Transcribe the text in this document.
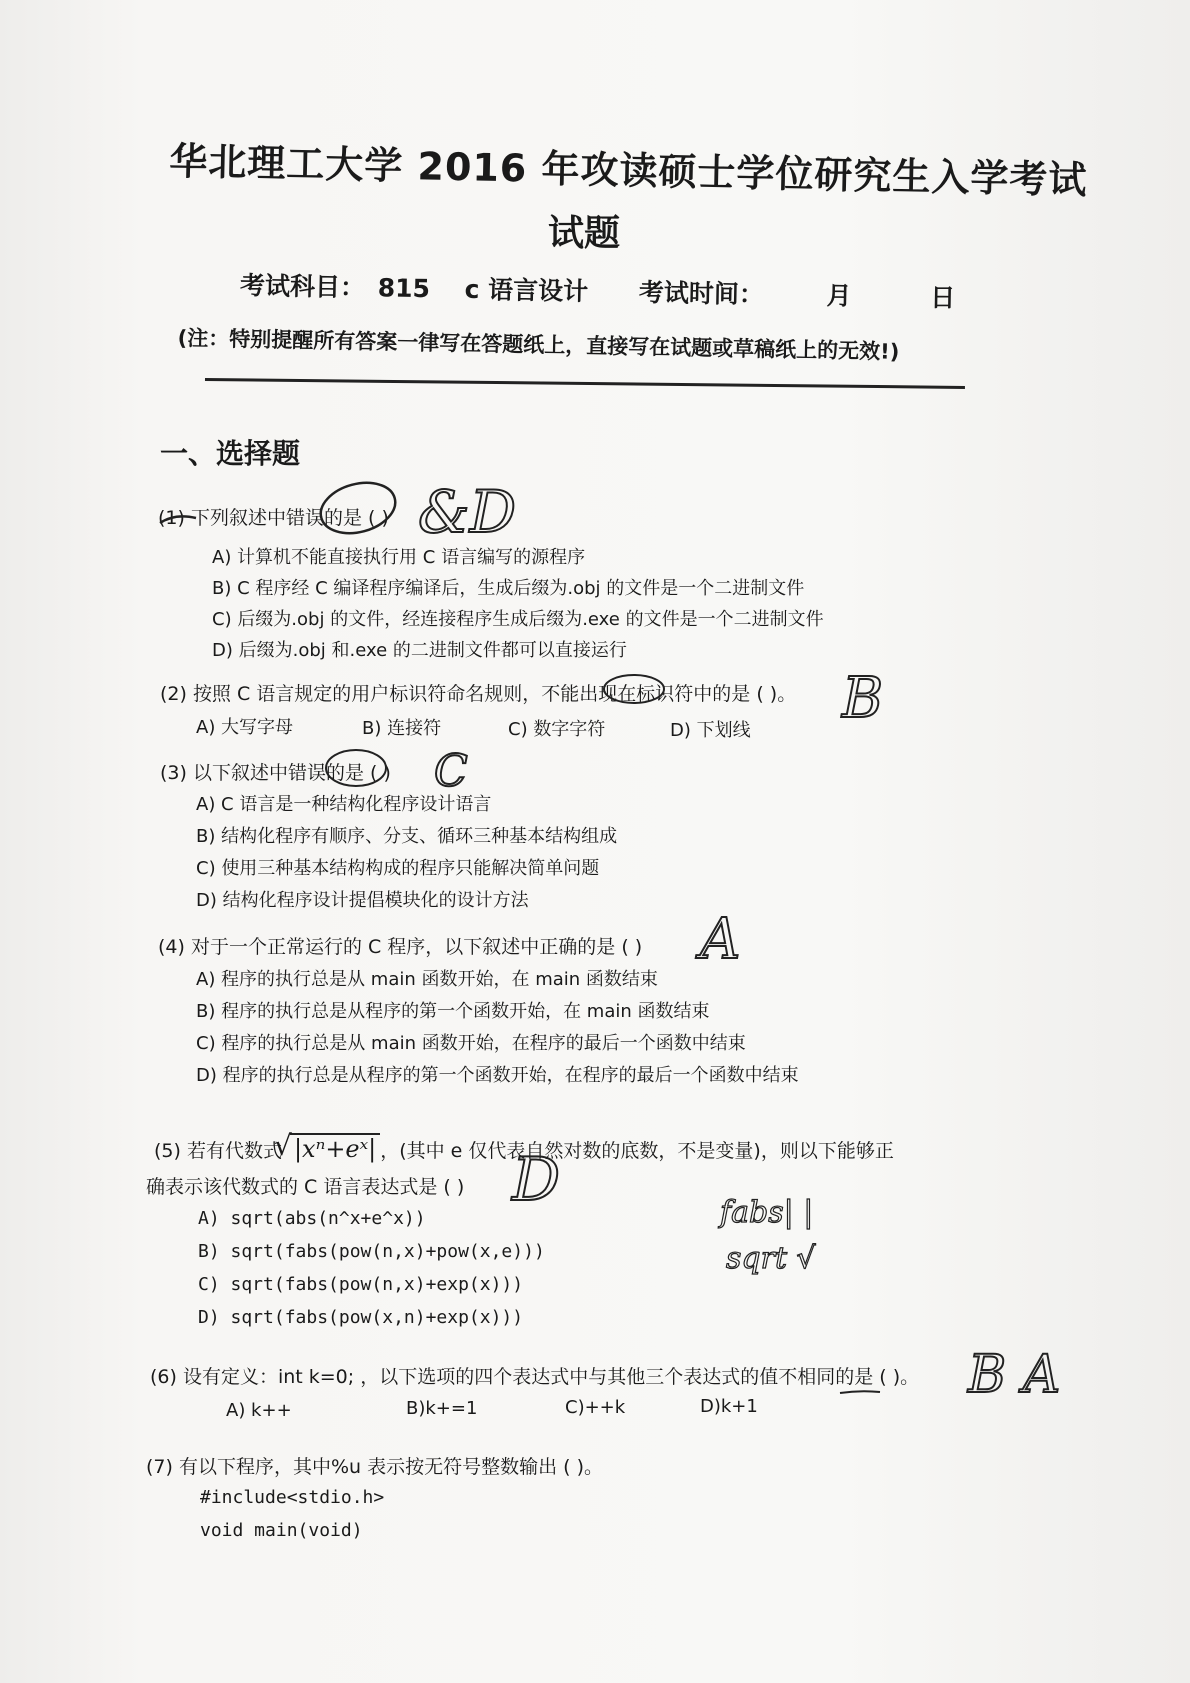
华北理工大学 2016 年攻读硕士学位研究生入学考试
试题
考试科目： 815 c 语言设计 考试时间： 月	日
(注：特别提醒所有答案一律写在答题纸上，直接写在试题或草稿纸上的无效!)
一、选择题
(1) 下列叙述中错误的是 ( )
A) 计算机不能直接执行用 C 语言编写的源程序
B) C 程序经 C 编译程序编译后，生成后缀为.obj 的文件是一个二进制文件
C) 后缀为.obj 的文件，经连接程序生成后缀为.exe 的文件是一个二进制文件
D) 后缀为.obj 和.exe 的二进制文件都可以直接运行
(2) 按照 C 语言规定的用户标识符命名规则，不能出现在标识符中的是 ( )。
A) 大写字母	B) 连接符	C) 数字字符	D) 下划线
(3) 以下叙述中错误的是 ( )
A) C 语言是一种结构化程序设计语言
B) 结构化程序有顺序、分支、循环三种基本结构组成
C) 使用三种基本结构构成的程序只能解决简单问题
D) 结构化程序设计提倡模块化的设计方法
(4) 对于一个正常运行的 C 程序，以下叙述中正确的是 ( )
A) 程序的执行总是从 main 函数开始，在 main 函数结束
B) 程序的执行总是从程序的第一个函数开始，在 main 函数结束
C) 程序的执行总是从 main 函数开始，在程序的最后一个函数中结束
D) 程序的执行总是从程序的第一个函数开始，在程序的最后一个函数中结束
(5) 若有代数式 √ |xⁿ+eˣ| ，(其中 e 仅代表自然对数的底数，不是变量)，则以下能够正
确表示该代数式的 C 语言表达式是 ( )
A) sqrt(abs(n^x+e^x))
B) sqrt(fabs(pow(n,x)+pow(x,e)))
C) sqrt(fabs(pow(n,x)+exp(x)))
D) sqrt(fabs(pow(x,n)+exp(x)))
(6) 设有定义：int k=0; ，以下选项的四个表达式中与其他三个表达式的值不相同的是 ( )。
A) k++	B)k+=1	C)++k	D)k+1
(7) 有以下程序，其中%u 表示按无符号整数输出 ( )。
#include<stdio.h>
void main(void)
&D
B
C
A
D	fabs| |
sqrt √
B A
